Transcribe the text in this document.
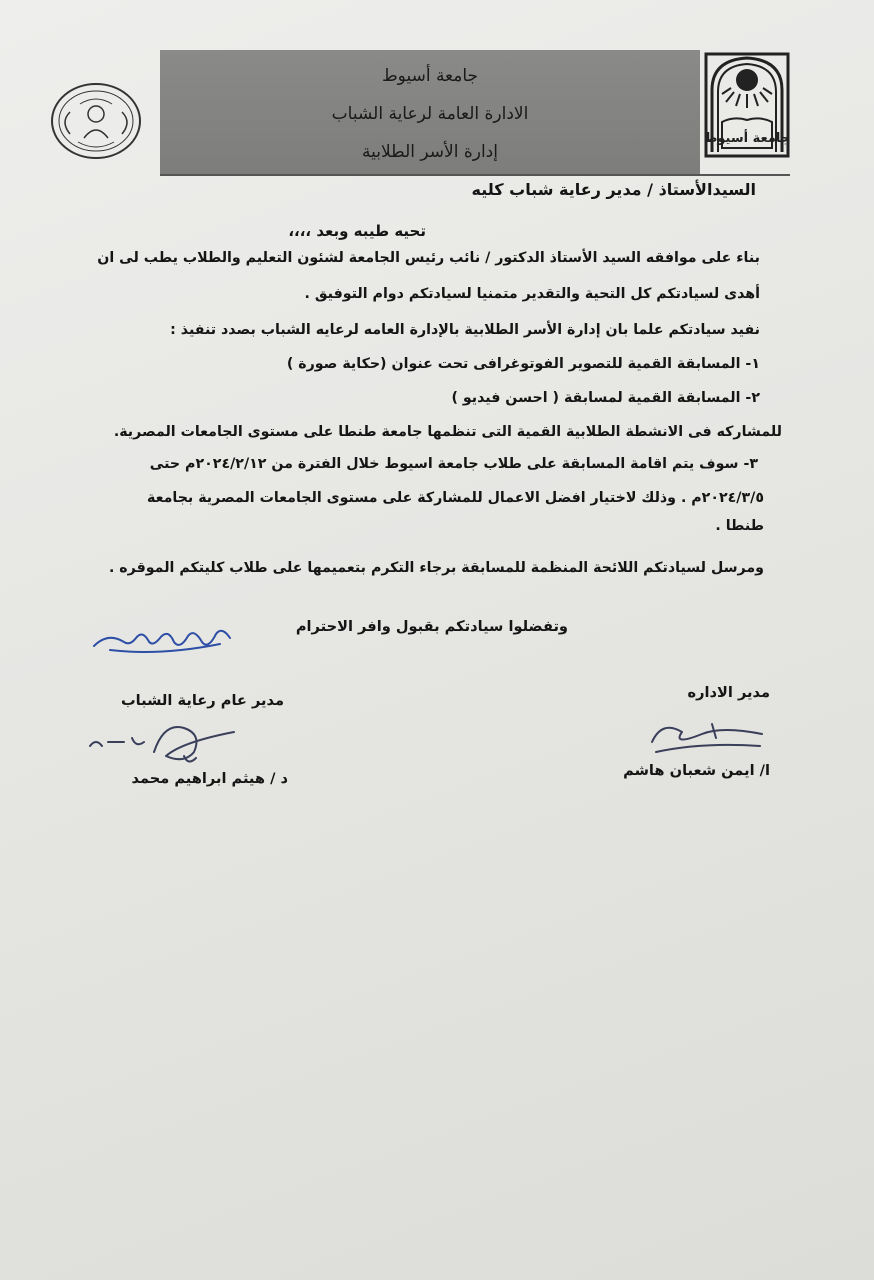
جامعة أسيوط
الادارة العامة لرعاية الشباب
إدارة الأسر الطلابية
جامعة أسيوط
السيدالأستاذ / مدير رعاية شباب كليه
تحيه طيبه وبعد ،،،،
بناء على موافقه السيد الأستاذ الدكتور / نائب رئيس الجامعة لشئون التعليم والطلاب يطب لى ان
أهدى لسيادتكم كل التحية والتقدير متمنيا لسيادتكم دوام التوفيق .
نفيد سيادتكم علما بان إدارة الأسر الطلابية بالإدارة العامه لرعايه الشباب بصدد تنفيذ :
١- المسابقة القمية للتصوير الفوتوغرافى تحت عنوان (حكاية صورة )
٢- المسابقة القمية لمسابقة ( احسن فيديو )
للمشاركه فى الانشطة الطلابية القمية التى تنظمها جامعة طنطا على مستوى الجامعات المصرية.
٣- سوف يتم اقامة المسابقة على طلاب جامعة اسيوط خلال الفترة من ٢٠٢٤/٢/١٢م حتى
٢٠٢٤/٣/٥م . وذلك لاختيار افضل الاعمال للمشاركة على مستوى الجامعات المصرية بجامعة
طنطا .
ومرسل لسيادتكم اللائحة المنظمة للمسابقة برجاء التكرم بتعميمها على طلاب كليتكم الموقره .
وتفضلوا سيادتكم بقبول وافر الاحترام
مدير عام رعاية الشباب	مدير الاداره
د / هيثم ابراهيم محمد	ا/ ايمن شعبان هاشم
